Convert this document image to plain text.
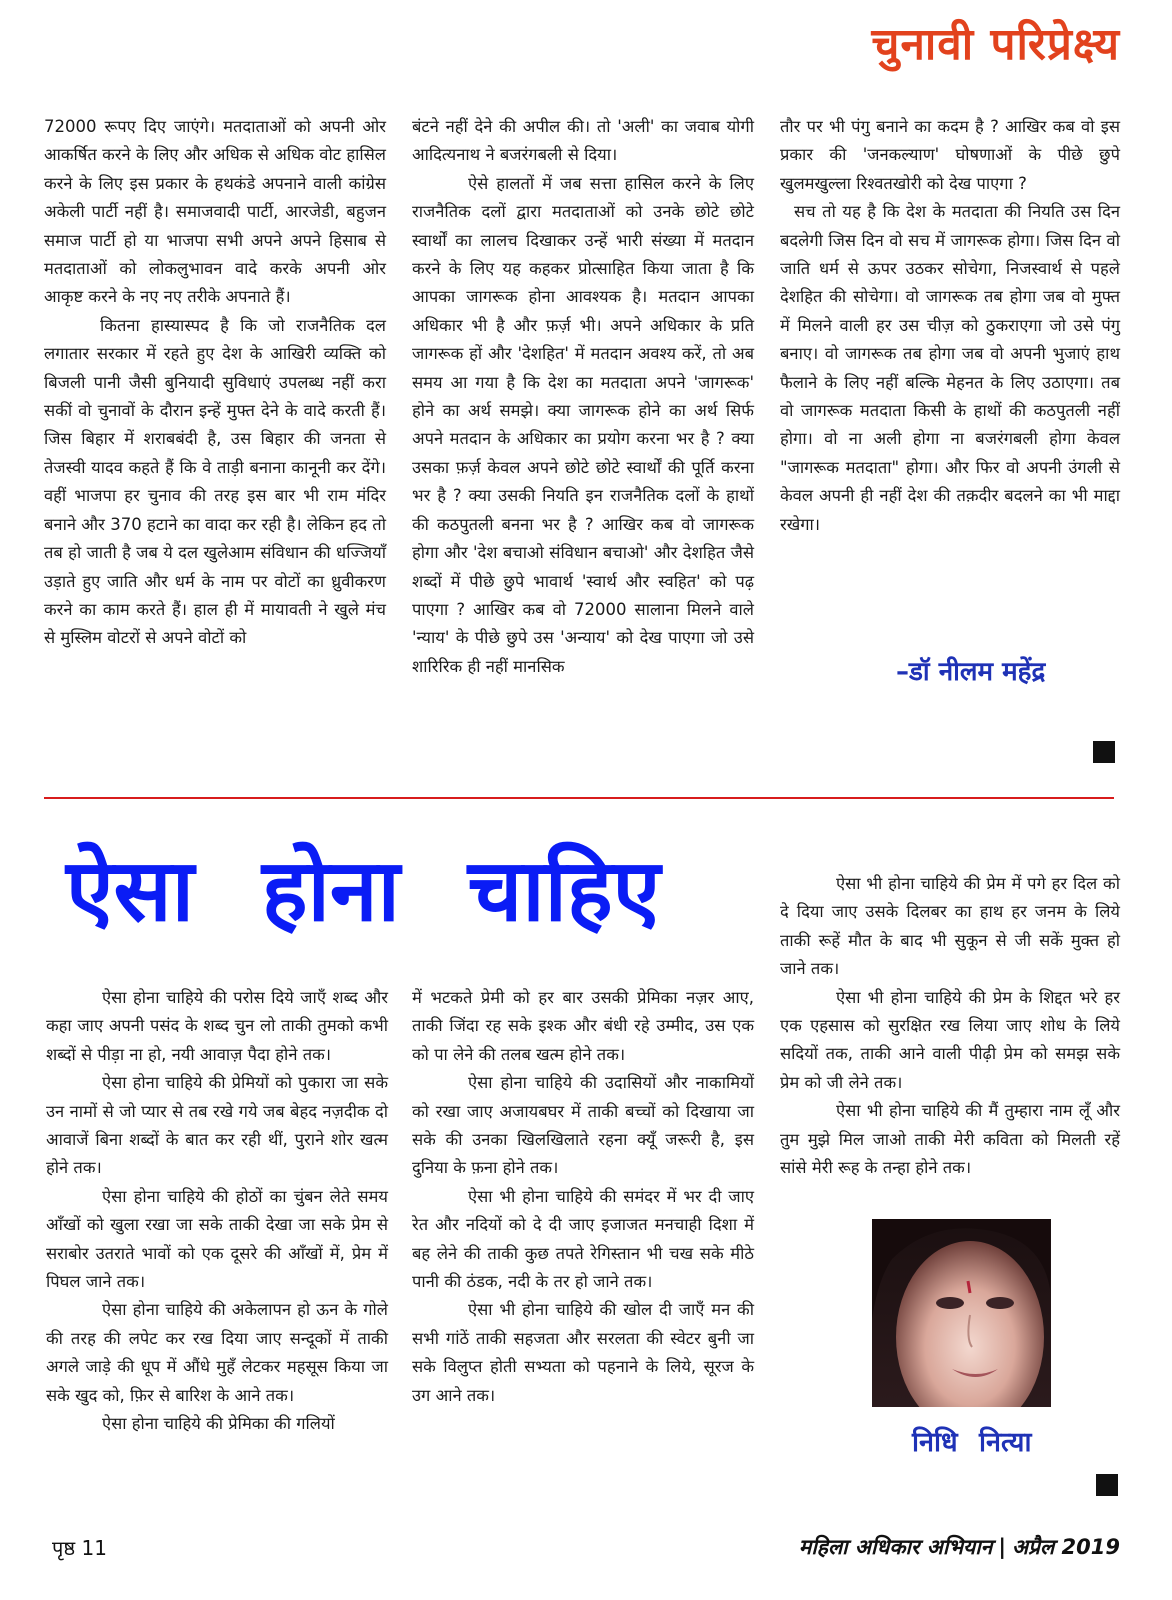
चुनावी परिप्रेक्ष्य

72000 रूपए दिए जाएंगे। मतदाताओं को अपनी ओर आकर्षित करने के लिए और अधिक से अधिक वोट हासिल करने के लिए इस प्रकार के हथकंडे अपनाने वाली कांग्रेस अकेली पार्टी नहीं है। समाजवादी पार्टी, आरजेडी, बहुजन समाज पार्टी हो या भाजपा सभी अपने अपने हिसाब से मतदाताओं को लोकलुभावन वादे करके अपनी ओर आकृष्ट करने के नए नए तरीके अपनाते हैं।

कितना हास्यास्पद है कि जो राजनैतिक दल लगातार सरकार में रहते हुए देश के आखिरी व्यक्ति को बिजली पानी जैसी बुनियादी सुविधाएं उपलब्ध नहीं करा सकीं वो चुनावों के दौरान इन्हें मुफ्त देने के वादे करती हैं। जिस बिहार में शराबबंदी है, उस बिहार की जनता से तेजस्वी यादव कहते हैं कि वे ताड़ी बनाना कानूनी कर देंगे। वहीं भाजपा हर चुनाव की तरह इस बार भी राम मंदिर बनाने और 370 हटाने का वादा कर रही है। लेकिन हद तो तब हो जाती है जब ये दल खुलेआम संविधान की धज्जियाँ उड़ाते हुए जाति और धर्म के नाम पर वोटों का ध्रुवीकरण करने का काम करते हैं। हाल ही में मायावती ने खुले मंच से मुस्लिम वोटरों से अपने वोटों को

बंटने नहीं देने की अपील की। तो 'अली' का जवाब योगी आदित्यनाथ ने बजरंगबली से दिया।

ऐसे हालतों में जब सत्ता हासिल करने के लिए राजनैतिक दलों द्वारा मतदाताओं को उनके छोटे छोटे स्वार्थों का लालच दिखाकर उन्हें भारी संख्या में मतदान करने के लिए यह कहकर प्रोत्साहित किया जाता है कि आपका जागरूक होना आवश्यक है। मतदान आपका अधिकार भी है और फ़र्ज़ भी। अपने अधिकार के प्रति जागरूक हों और 'देशहित' में मतदान अवश्य करें, तो अब समय आ गया है कि देश का मतदाता अपने 'जागरूक' होने का अर्थ समझे। क्या जागरूक होने का अर्थ सिर्फ अपने मतदान के अधिकार का प्रयोग करना भर है ? क्या उसका फ़र्ज़ केवल अपने छोटे छोटे स्वार्थों की पूर्ति करना भर है ? क्या उसकी नियति इन राजनैतिक दलों के हाथों की कठपुतली बनना भर है ? आखिर कब वो जागरूक होगा और 'देश बचाओ संविधान बचाओ' और देशहित जैसे शब्दों में पीछे छुपे भावार्थ 'स्वार्थ और स्वहित' को पढ़ पाएगा ? आखिर कब वो 72000 सालाना मिलने वाले 'न्याय' के पीछे छुपे उस 'अन्याय' को देख पाएगा जो उसे शारिरिक ही नहीं मानसिक

तौर पर भी पंगु बनाने का कदम है ? आखिर कब वो इस प्रकार की 'जनकल्याण' घोषणाओं के पीछे छुपे खुलमखुल्ला रिश्वतखोरी को देख पाएगा ?

सच तो यह है कि देश के मतदाता की नियति उस दिन बदलेगी जिस दिन वो सच में जागरूक होगा। जिस दिन वो जाति धर्म से ऊपर उठकर सोचेगा, निजस्वार्थ से पहले देशहित की सोचेगा। वो जागरूक तब होगा जब वो मुफ्त में मिलने वाली हर उस चीज़ को ठुकराएगा जो उसे पंगु बनाए। वो जागरूक तब होगा जब वो अपनी भुजाएं हाथ फैलाने के लिए नहीं बल्कि मेहनत के लिए उठाएगा। तब वो जागरूक मतदाता किसी के हाथों की कठपुतली नहीं होगा। वो ना अली होगा ना बजरंगबली होगा केवल "जागरूक मतदाता" होगा। और फिर वो अपनी उंगली से केवल अपनी ही नहीं देश की तक़दीर बदलने का भी माद्दा रखेगा।

–डॉ नीलम महेंद्र
ऐसा होना चाहिए

ऐसा होना चाहिये की परोस दिये जाएँ शब्द और कहा जाए अपनी पसंद के शब्द चुन लो ताकी तुमको कभी शब्दों से पीड़ा ना हो, नयी आवाज़ पैदा होने तक।

ऐसा होना चाहिये की प्रेमियों को पुकारा जा सके उन नामों से जो प्यार से तब रखे गये जब बेहद नज़दीक दो आवाजें बिना शब्दों के बात कर रही थीं, पुराने शोर खत्म होने तक।

ऐसा होना चाहिये की होठों का चुंबन लेते समय आँखों को खुला रखा जा सके ताकी देखा जा सके प्रेम से सराबोर उतराते भावों को एक दूसरे की आँखों में, प्रेम में पिघल जाने तक।

ऐसा होना चाहिये की अकेलापन हो ऊन के गोले की तरह की लपेट कर रख दिया जाए सन्दूकों में ताकी अगले जाड़े की धूप में औंधे मुहँ लेटकर महसूस किया जा सके खुद को, फ़िर से बारिश के आने तक।

ऐसा होना चाहिये की प्रेमिका की गलियों

में भटकते प्रेमी को हर बार उसकी प्रेमिका नज़र आए, ताकी जिंदा रह सके इश्क और बंधी रहे उम्मीद, उस एक को पा लेने की तलब खत्म होने तक।

ऐसा होना चाहिये की उदासियों और नाकामियों को रखा जाए अजायबघर में ताकी बच्चों को दिखाया जा सके की उनका खिलखिलाते रहना क्यूँ जरूरी है, इस दुनिया के फ़ना होने तक।

ऐसा भी होना चाहिये की समंदर में भर दी जाए रेत और नदियों को दे दी जाए इजाजत मनचाही दिशा में बह लेने की ताकी कुछ तपते रेगिस्तान भी चख सके मीठे पानी की ठंडक, नदी के तर हो जाने तक।

ऐसा भी होना चाहिये की खोल दी जाएँ मन की सभी गांठें ताकी सहजता और सरलता की स्वेटर बुनी जा सके विलुप्त होती सभ्यता को पहनाने के लिये, सूरज के उग आने तक।

ऐसा भी होना चाहिये की प्रेम में पगे हर दिल को दे दिया जाए उसके दिलबर का हाथ हर जनम के लिये ताकी रूहें मौत के बाद भी सुकून से जी सकें मुक्त हो जाने तक।

ऐसा भी होना चाहिये की प्रेम के शिद्दत भरे हर एक एहसास को सुरक्षित रख लिया जाए शोध के लिये सदियों तक, ताकी आने वाली पीढ़ी प्रेम को समझ सके प्रेम को जी लेने तक।

ऐसा भी होना चाहिये की मैं तुम्हारा नाम लूँ और तुम मुझे मिल जाओ ताकी मेरी कविता को मिलती रहें सांसे मेरी रूह के तन्हा होने तक।

निधि नित्या
पृष्ठ 11	महिला अधिकार अभियान | अप्रैल 2019
